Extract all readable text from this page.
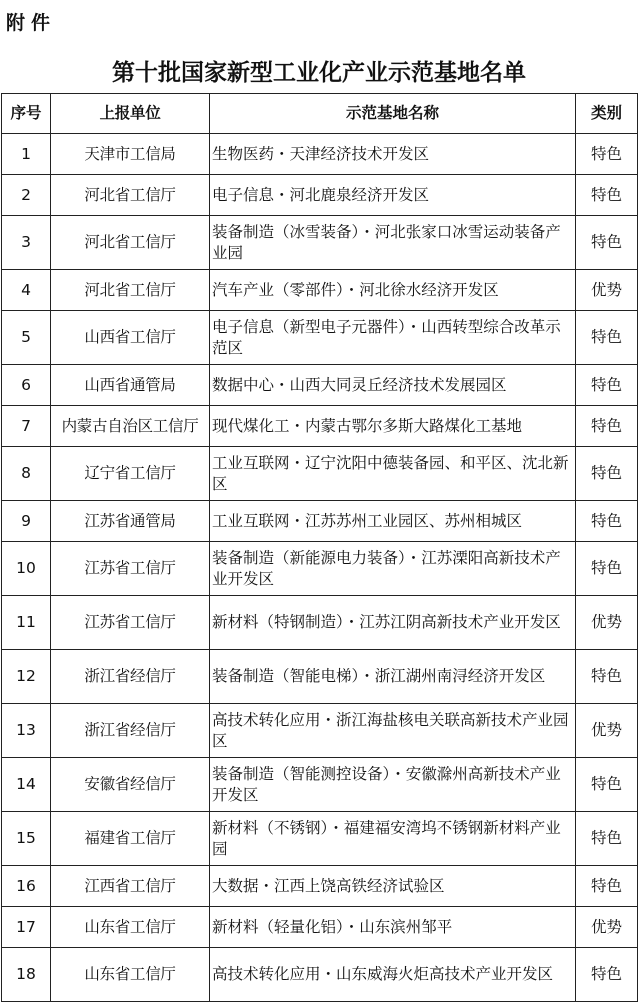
附件
第十批国家新型工业化产业示范基地名单
序号	上报单位	示范基地名称	类别
1	天津市工信局	生物医药・天津经济技术开发区	特色
2	河北省工信厅	电子信息・河北鹿泉经济开发区	特色
3	河北省工信厅	装备制造（冰雪装备）・河北张家口冰雪运动装备产业园	特色
4	河北省工信厅	汽车产业（零部件）・河北徐水经济开发区	优势
5	山西省工信厅	电子信息（新型电子元器件）・山西转型综合改革示范区	特色
6	山西省通管局	数据中心・山西大同灵丘经济技术发展园区	特色
7	内蒙古自治区工信厅	现代煤化工・内蒙古鄂尔多斯大路煤化工基地	特色
8	辽宁省工信厅	工业互联网・辽宁沈阳中德装备园、和平区、沈北新区	特色
9	江苏省通管局	工业互联网・江苏苏州工业园区、苏州相城区	特色
10	江苏省工信厅	装备制造（新能源电力装备）・江苏溧阳高新技术产业开发区	特色
11	江苏省工信厅	新材料（特钢制造）・江苏江阴高新技术产业开发区	优势
12	浙江省经信厅	装备制造（智能电梯）・浙江湖州南浔经济开发区	特色
13	浙江省经信厅	高技术转化应用・浙江海盐核电关联高新技术产业园区	优势
14	安徽省经信厅	装备制造（智能测控设备）・安徽滁州高新技术产业开发区	特色
15	福建省工信厅	新材料（不锈钢）・福建福安湾坞不锈钢新材料产业园	特色
16	江西省工信厅	大数据・江西上饶高铁经济试验区	特色
17	山东省工信厅	新材料（轻量化铝）・山东滨州邹平	优势
18	山东省工信厅	高技术转化应用・山东威海火炬高技术产业开发区	特色
